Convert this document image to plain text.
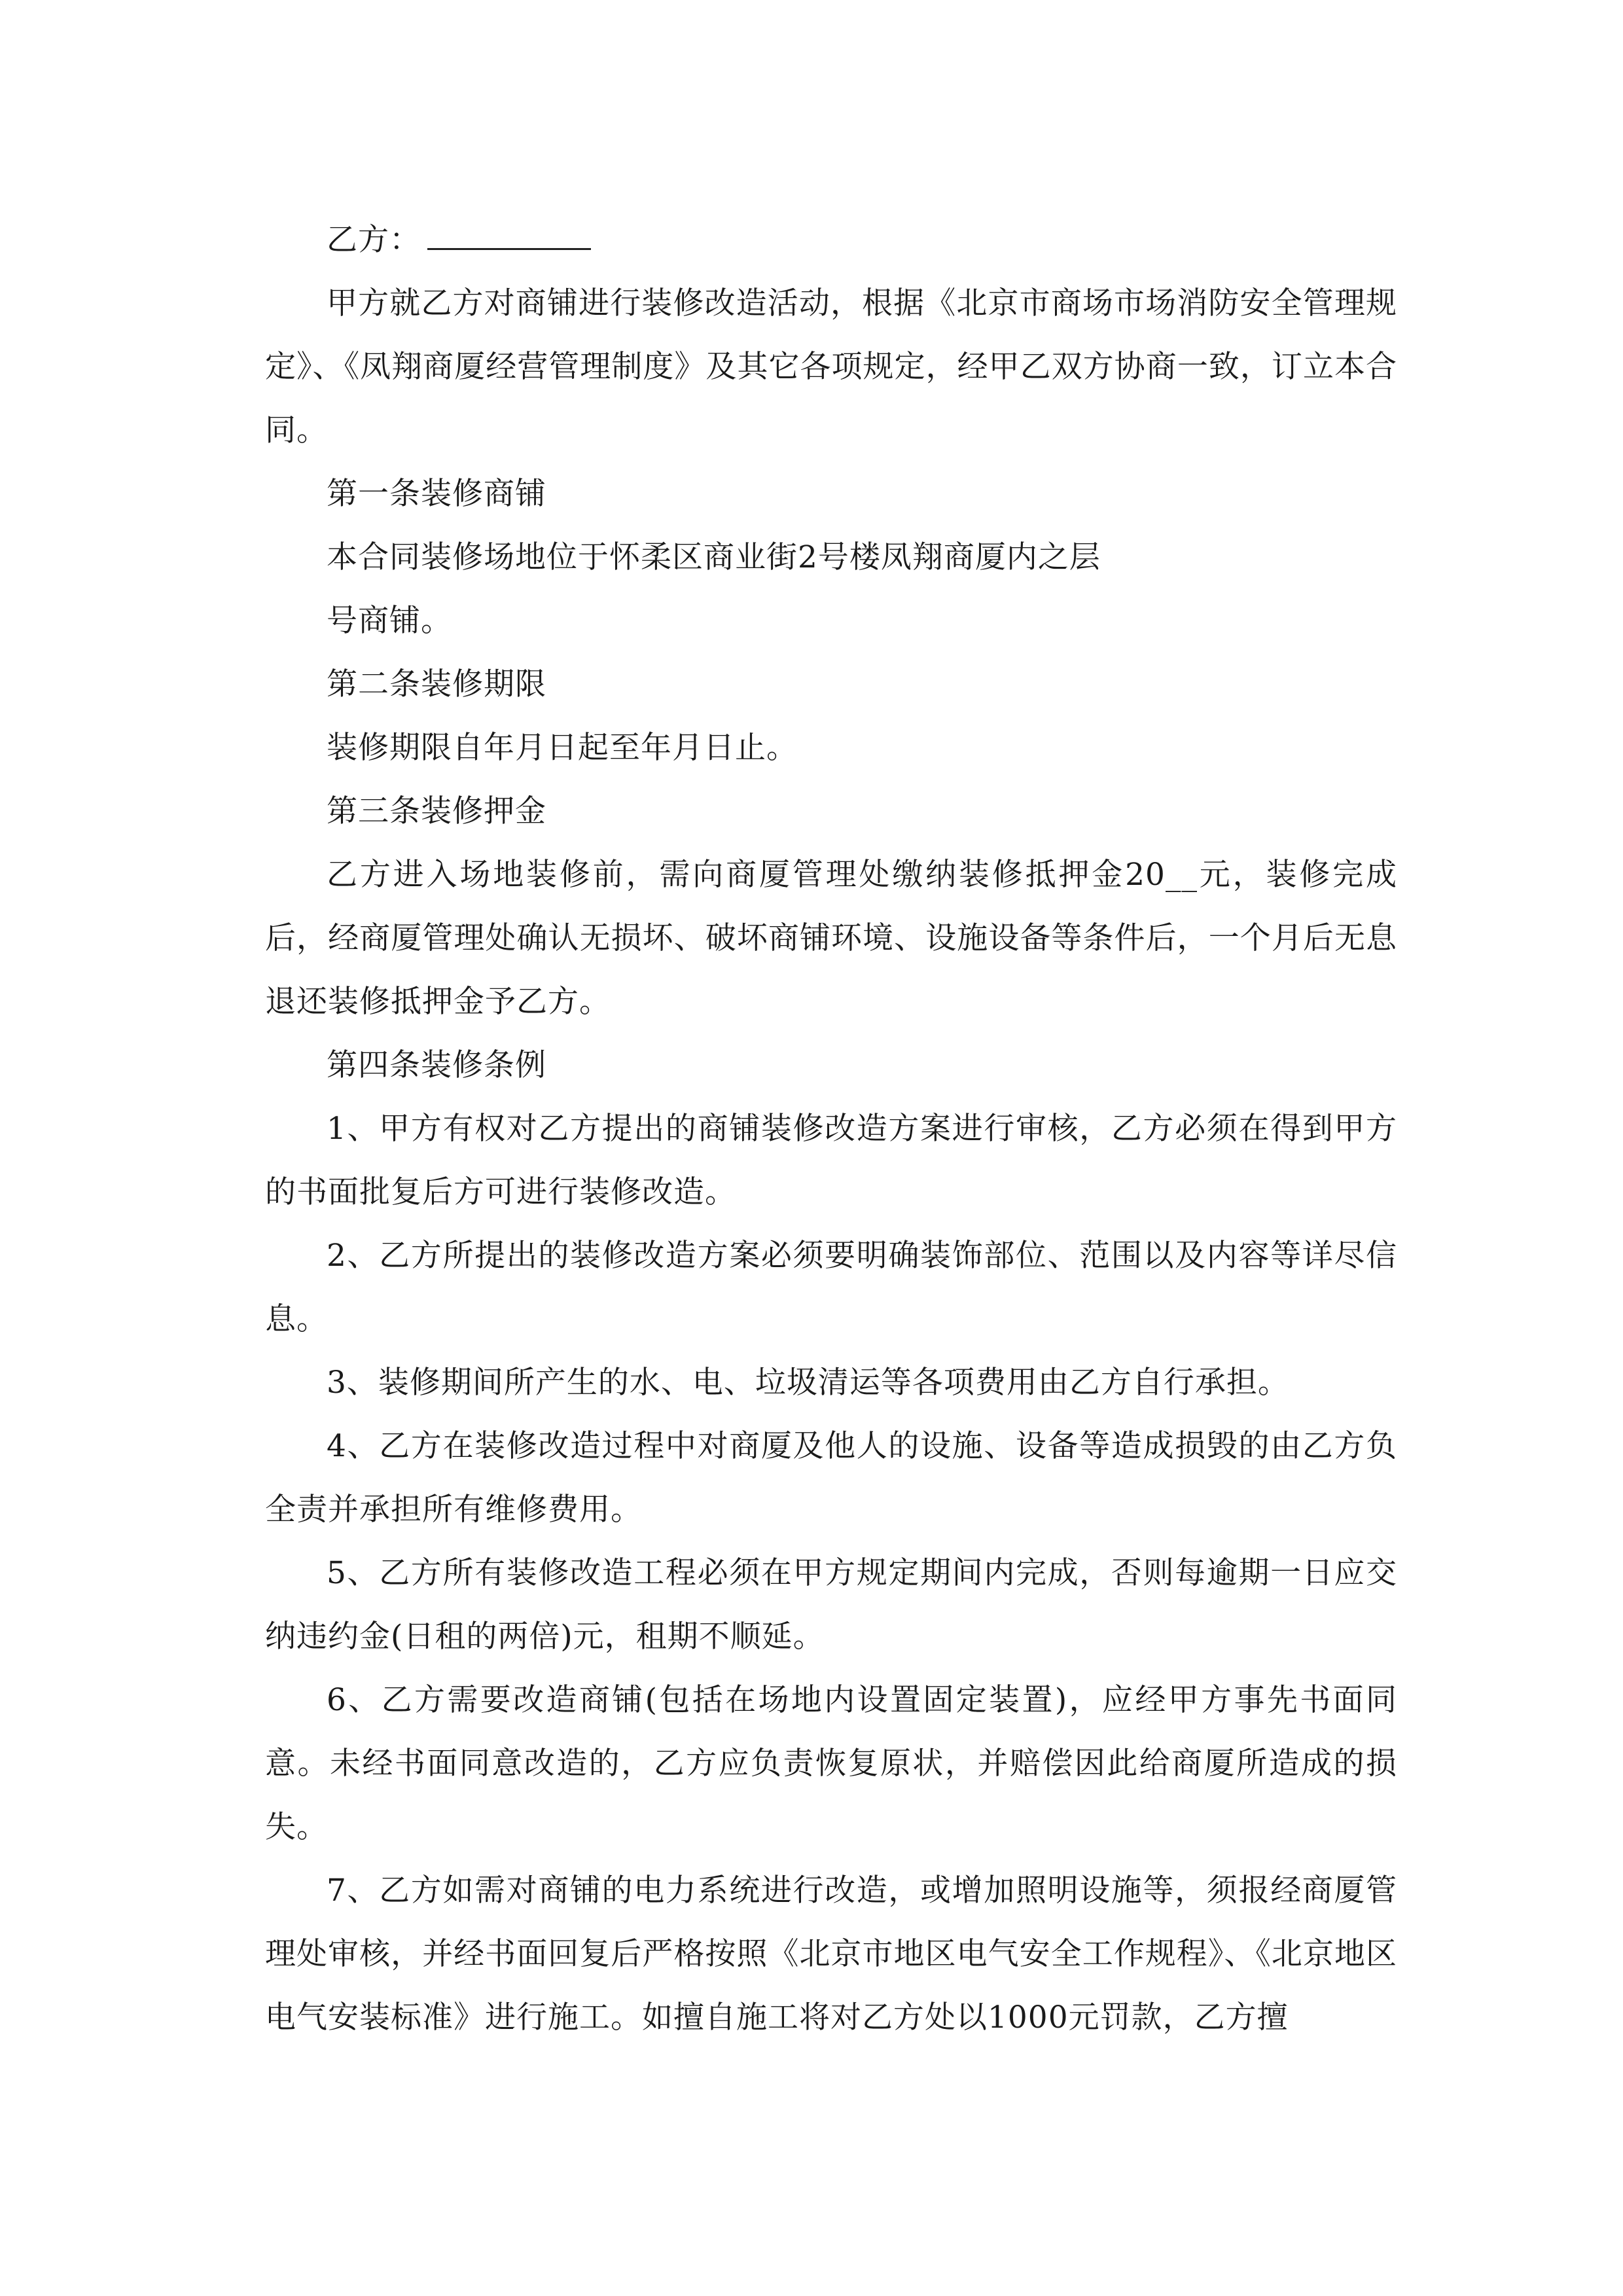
乙方：

甲方就乙方对商铺进行装修改造活动，根据《北京市商场市场消防安全管理规定》、《凤翔商厦经营管理制度》及其它各项规定，经甲乙双方协商一致，订立本合同。

第一条装修商铺

本合同装修场地位于怀柔区商业街2号楼凤翔商厦内之层

号商铺。

第二条装修期限

装修期限自年月日起至年月日止。

第三条装修押金

乙方进入场地装修前，需向商厦管理处缴纳装修抵押金20__元，装修完成后，经商厦管理处确认无损坏、破坏商铺环境、设施设备等条件后，一个月后无息退还装修抵押金予乙方。

第四条装修条例

1、甲方有权对乙方提出的商铺装修改造方案进行审核，乙方必须在得到甲方的书面批复后方可进行装修改造。

2、乙方所提出的装修改造方案必须要明确装饰部位、范围以及内容等详尽信息。

3、装修期间所产生的水、电、垃圾清运等各项费用由乙方自行承担。

4、乙方在装修改造过程中对商厦及他人的设施、设备等造成损毁的由乙方负全责并承担所有维修费用。

5、乙方所有装修改造工程必须在甲方规定期间内完成，否则每逾期一日应交纳违约金(日租的两倍)元，租期不顺延。

6、乙方需要改造商铺(包括在场地内设置固定装置)，应经甲方事先书面同意。未经书面同意改造的，乙方应负责恢复原状，并赔偿因此给商厦所造成的损失。

7、乙方如需对商铺的电力系统进行改造，或增加照明设施等，须报经商厦管理处审核，并经书面回复后严格按照《北京市地区电气安全工作规程》、《北京地区电气安装标准》进行施工。如擅自施工将对乙方处以1000元罚款，乙方擅
